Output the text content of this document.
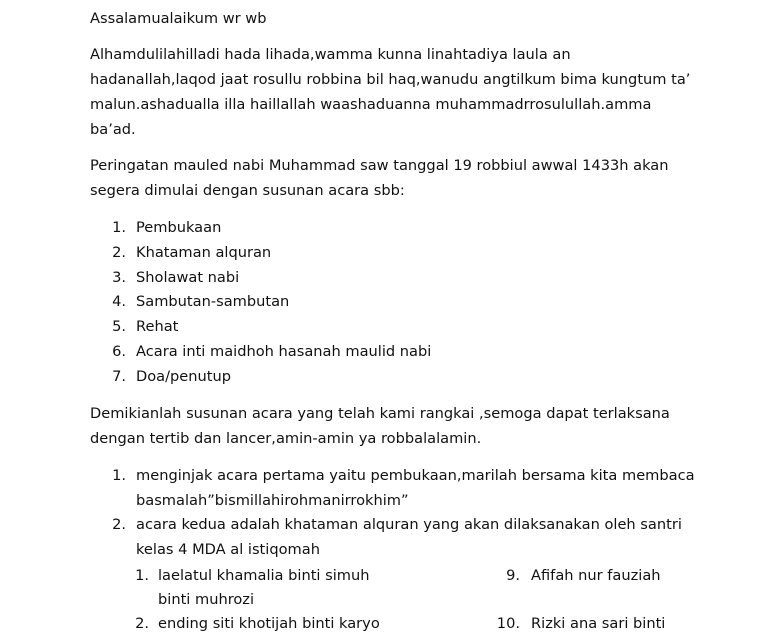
Assalamualaikum wr wb
Alhamdulilahilladi hada lihada,wamma kunna linahtadiya laula an
hadanallah,laqod jaat rosullu robbina bil haq,wanudu angtilkum bima kungtum ta’
malun.ashadualla illa haillallah waashaduanna muhammadrrosulullah.amma
ba’ad.
Peringatan mauled nabi Muhammad saw tanggal 19 robbiul awwal 1433h akan
segera dimulai dengan susunan acara sbb:
1. Pembukaan
2. Khataman alquran
3. Sholawat nabi
4. Sambutan-sambutan
5. Rehat
6. Acara inti maidhoh hasanah maulid nabi
7. Doa/penutup
Demikianlah susunan acara yang telah kami rangkai ,semoga dapat terlaksana
dengan tertib dan lancer,amin-amin ya robbalalamin.
1. menginjak acara pertama yaitu pembukaan,marilah bersama kita membaca
basmalah”bismillahirohmanirrokhim”
2. acara kedua adalah khataman alquran yang akan dilaksanakan oleh santri
kelas 4 MDA al istiqomah
1. laelatul khamalia binti simuh
binti muhrozi
2. ending siti khotijah binti karyo
9. Afifah nur fauziah
10. Rizki ana sari binti
